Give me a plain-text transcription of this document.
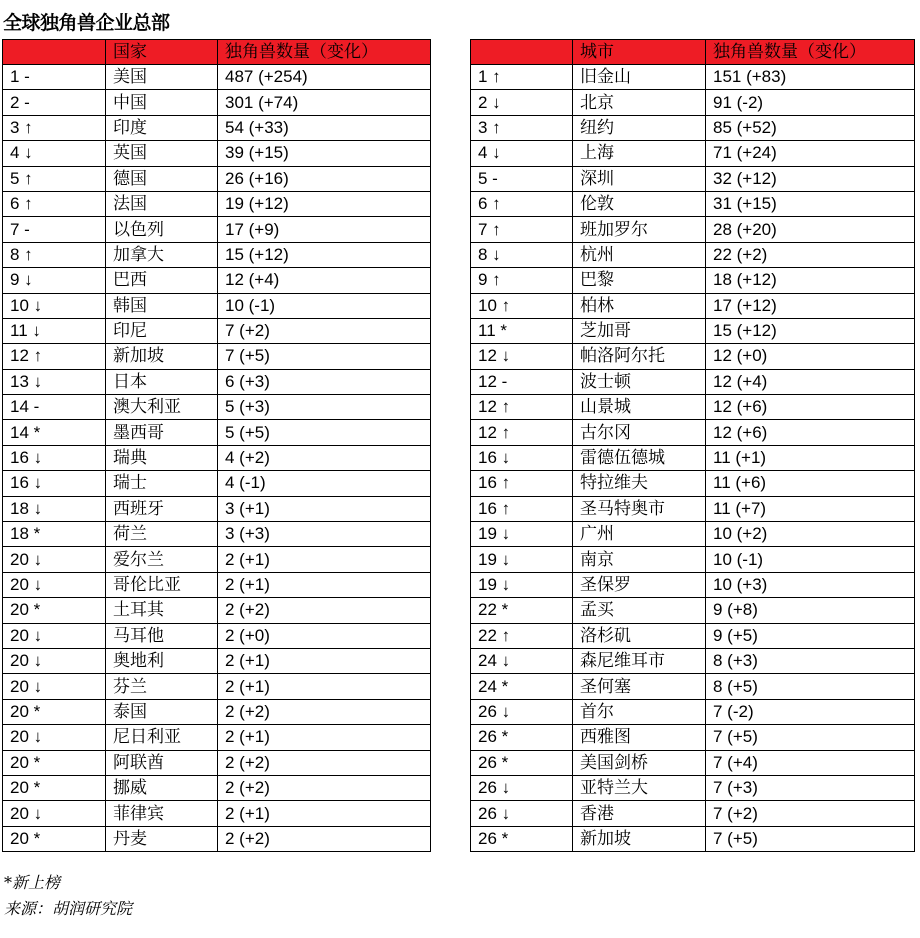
全球独角兽企业总部
	国家	独角兽数量（变化）
1 -	美国	487 (+254)
2 -	中国	301 (+74)
3 ↑	印度	54 (+33)
4 ↓	英国	39 (+15)
5 ↑	德国	26 (+16)
6 ↑	法国	19 (+12)
7 -	以色列	17 (+9)
8 ↑	加拿大	15 (+12)
9 ↓	巴西	12 (+4)
10 ↓	韩国	10 (-1)
11 ↓	印尼	7 (+2)
12 ↑	新加坡	7 (+5)
13 ↓	日本	6 (+3)
14 -	澳大利亚	5 (+3)
14 *	墨西哥	5 (+5)
16 ↓	瑞典	4 (+2)
16 ↓	瑞士	4 (-1)
18 ↓	西班牙	3 (+1)
18 *	荷兰	3 (+3)
20 ↓	爱尔兰	2 (+1)
20 ↓	哥伦比亚	2 (+1)
20 *	土耳其	2 (+2)
20 ↓	马耳他	2 (+0)
20 ↓	奥地利	2 (+1)
20 ↓	芬兰	2 (+1)
20 *	泰国	2 (+2)
20 ↓	尼日利亚	2 (+1)
20 *	阿联酋	2 (+2)
20 *	挪威	2 (+2)
20 ↓	菲律宾	2 (+1)
20 *	丹麦	2 (+2)
	城市	独角兽数量（变化）
1 ↑	旧金山	151 (+83)
2 ↓	北京	91 (-2)
3 ↑	纽约	85 (+52)
4 ↓	上海	71 (+24)
5 -	深圳	32 (+12)
6 ↑	伦敦	31 (+15)
7 ↑	班加罗尔	28 (+20)
8 ↓	杭州	22 (+2)
9 ↑	巴黎	18 (+12)
10 ↑	柏林	17 (+12)
11 *	芝加哥	15 (+12)
12 ↓	帕洛阿尔托	12 (+0)
12 -	波士顿	12 (+4)
12 ↑	山景城	12 (+6)
12 ↑	古尔冈	12 (+6)
16 ↓	雷德伍德城	11 (+1)
16 ↑	特拉维夫	11 (+6)
16 ↑	圣马特奥市	11 (+7)
19 ↓	广州	10 (+2)
19 ↓	南京	10 (-1)
19 ↓	圣保罗	10 (+3)
22 *	孟买	9 (+8)
22 ↑	洛杉矶	9 (+5)
24 ↓	森尼维耳市	8 (+3)
24 *	圣何塞	8 (+5)
26 ↓	首尔	7 (-2)
26 *	西雅图	7 (+5)
26 *	美国剑桥	7 (+4)
26 ↓	亚特兰大	7 (+3)
26 ↓	香港	7 (+2)
26 *	新加坡	7 (+5)
*新上榜
来源：胡润研究院
